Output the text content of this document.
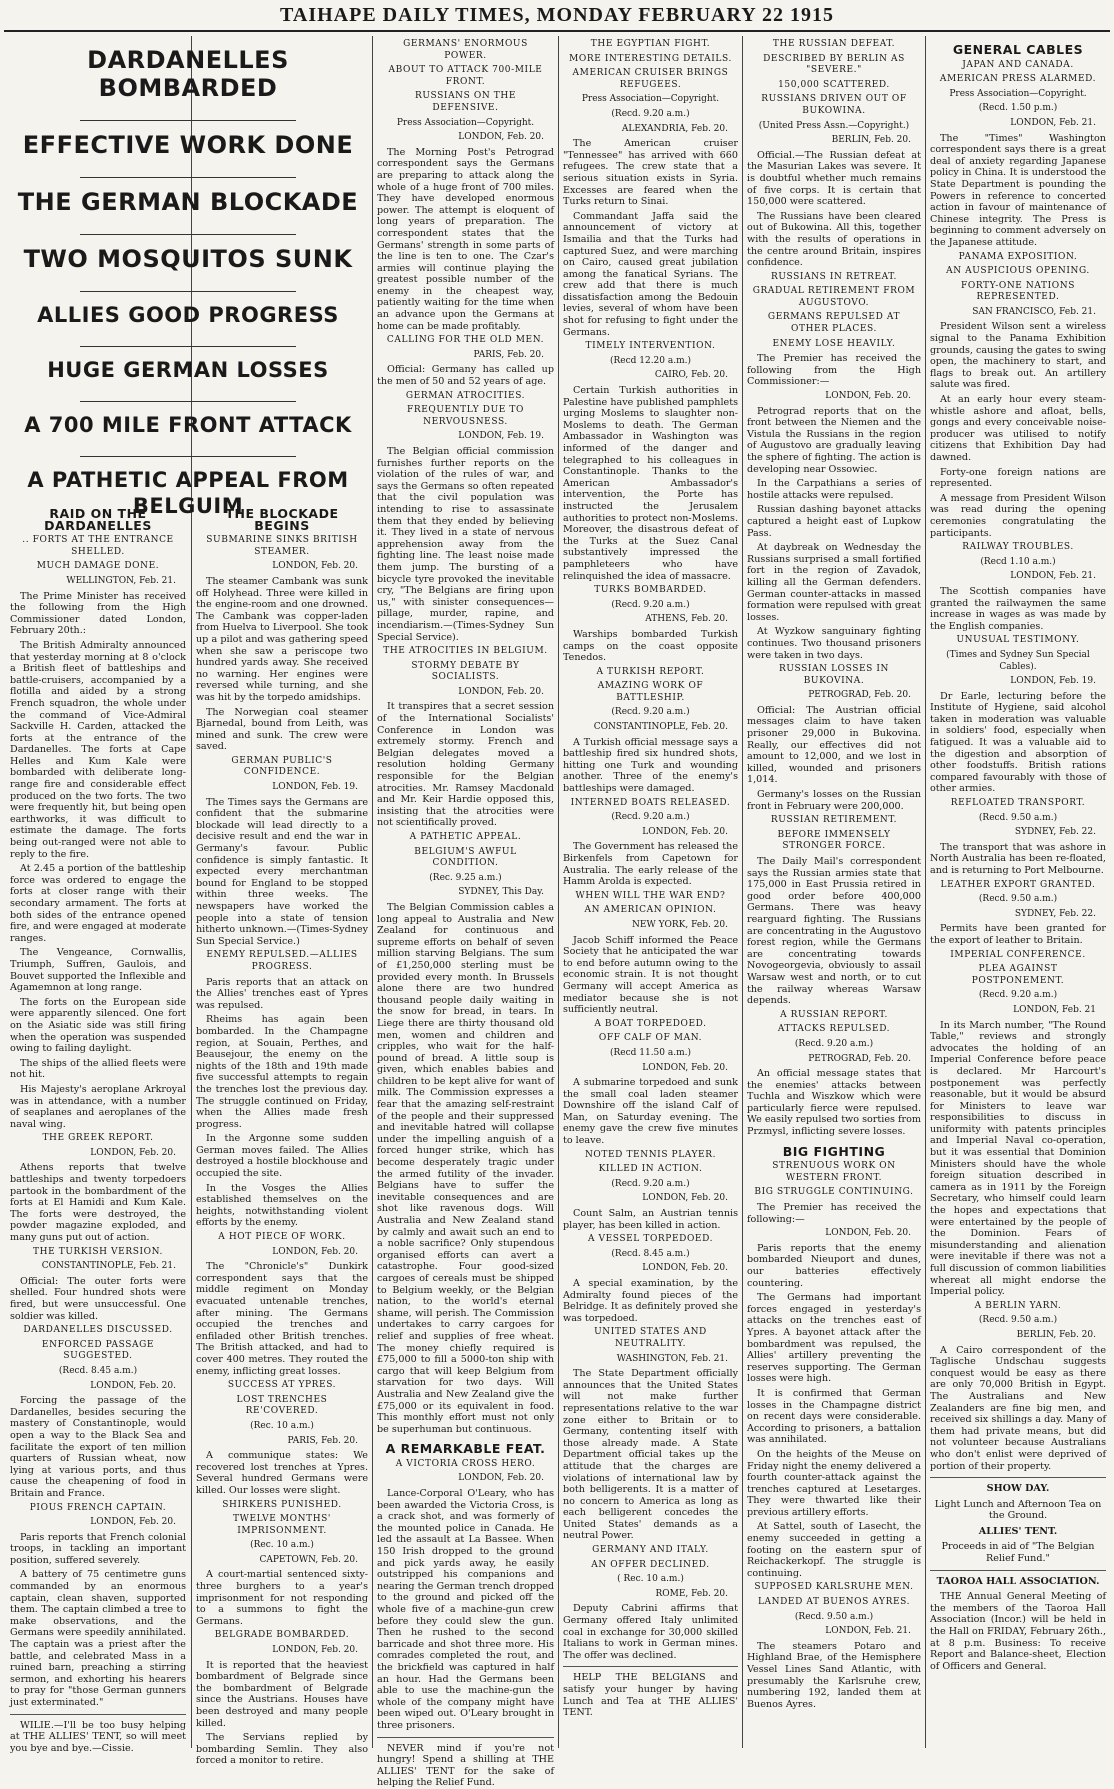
TAIHAPE DAILY TIMES, MONDAY FEBRUARY 22 1915
DARDANELLES BOMBARDED
EFFECTIVE WORK DONE
THE GERMAN BLOCKADE
TWO MOSQUITOS SUNK
ALLIES GOOD PROGRESS
HUGE GERMAN LOSSES
A 700 MILE FRONT ATTACK
A PATHETIC APPEAL FROM BELGUIM
RAID ON THE DARDANELLES
.. FORTS AT THE ENTRANCE SHELLED.
MUCH DAMAGE DONE.
WELLINGTON, Feb. 21.

The Prime Minister has received the following from the High Commissioner dated London, February 20th.:

The British Admiralty announced that yesterday morning at 8 o'clock a British fleet of battleships and battle-cruisers, accompanied by a flotilla and aided by a strong French squadron, the whole under the command of Vice-Admiral Sackville H. Carden, attacked the forts at the entrance of the Dardanelles. The forts at Cape Helles and Kum Kale were bombarded with deliberate long-range fire and considerable effect produced on the two forts. The two were frequently hit, but being open earthworks, it was difficult to estimate the damage. The forts being out-ranged were not able to reply to the fire.

At 2.45 a portion of the battleship force was ordered to engage the forts at closer range with their secondary armament. The forts at both sides of the entrance opened fire, and were engaged at moderate ranges.

The Vengeance, Cornwallis, Triumph, Suffren, Gaulois, and Bouvet supported the Inflexible and Agamemnon at long range.

The forts on the European side were apparently silenced. One fort on the Asiatic side was still firing when the operation was suspended owing to failing daylight.

The ships of the allied fleets were not hit.

His Majesty's aeroplane Arkroyal was in attendance, with a number of seaplanes and aeroplanes of the naval wing.

THE GREEK REPORT.
LONDON, Feb. 20.

Athens reports that twelve battleships and twenty torpedoers partook in the bombardment of the forts at El Hamidi and Kum Kale. The forts were destroyed, the powder magazine exploded, and many guns put out of action.

THE TURKISH VERSION.
CONSTANTINOPLE, Feb. 21.

Official: The outer forts were shelled. Four hundred shots were fired, but were unsuccessful. One soldier was killed.

DARDANELLES DISCUSSED.
ENFORCED PASSAGE SUGGESTED.
(Recd. 8.45 a.m.)
LONDON, Feb. 20.

Forcing the passage of the Dardanelles, besides securing the mastery of Constantinople, would open a way to the Black Sea and facilitate the export of ten million quarters of Russian wheat, now lying at various ports, and thus cause the cheapening of food in Britain and France.

PIOUS FRENCH CAPTAIN.
LONDON, Feb. 20.

Paris reports that French colonial troops, in tackling an important position, suffered severely.

A battery of 75 centimetre guns commanded by an enormous captain, clean shaven, supported them. The captain climbed a tree to make observations, and the Germans were speedily annihilated. The captain was a priest after the battle, and celebrated Mass in a ruined barn, preaching a stirring sermon, and exhorting his hearers to pray for "those German gunners just exterminated."

WILIE.—I'll be too busy helping at THE ALLIES' TENT, so will meet you bye and bye.—Cissie.

THE BLOCKADE BEGINS
SUBMARINE SINKS BRITISH STEAMER.
LONDON, Feb. 20.

The steamer Cambank was sunk off Holyhead. Three were killed in the engine-room and one drowned. The Cambank was copper-laden from Huelva to Liverpool. She took up a pilot and was gathering speed when she saw a periscope two hundred yards away. She received no warning. Her engines were reversed while turning, and she was hit by the torpedo amidships.

The Norwegian coal steamer Bjarnedal, bound from Leith, was mined and sunk. The crew were saved.

GERMAN PUBLIC'S CONFIDENCE.
LONDON, Feb. 19.

The Times says the Germans are confident that the submarine blockade will lead directly to a decisive result and end the war in Germany's favour. Public confidence is simply fantastic. It expected every merchantman bound for England to be stopped within three weeks. The newspapers have worked the people into a state of tension hitherto unknown.—(Times-Sydney Sun Special Service.)

ENEMY REPULSED.—ALLIES PROGRESS.

Paris reports that an attack on the Allies' trenches east of Ypres was repulsed.

Rheims has again been bombarded. In the Champagne region, at Souain, Perthes, and Beausejour, the enemy on the nights of the 18th and 19th made five successful attempts to regain the trenches lost the previous day. The struggle continued on Friday, when the Allies made fresh progress.

In the Argonne some sudden German moves failed. The Allies destroyed a hostile blockhouse and occupied the site.

In the Vosges the Allies established themselves on the heights, notwithstanding violent efforts by the enemy.

A HOT PIECE OF WORK.
LONDON, Feb. 20.

The "Chronicle's" Dunkirk correspondent says that the middle regiment on Monday evacuated untenable trenches, after mining. The Germans occupied the trenches and enfiladed other British trenches. The British attacked, and had to cover 400 metres. They routed the enemy, inflicting great losses.

SUCCESS AT YPRES.
LOST TRENCHES RE'COVERED.
(Rec. 10 a.m.)
PARIS, Feb. 20.

A communique states: We recovered lost trenches at Ypres. Several hundred Germans were killed. Our losses were slight.

SHIRKERS PUNISHED.
TWELVE MONTHS' IMPRISONMENT.
(Rec. 10 a.m.)
CAPETOWN, Feb. 20.

A court-martial sentenced sixty-three burghers to a year's imprisonment for not responding to a summons to fight the Germans.

BELGRADE BOMBARDED.
LONDON, Feb. 20.

It is reported that the heaviest bombardment of Belgrade since the bombardment of Belgrade since the Austrians. Houses have been destroyed and many people killed.

The Servians replied by bombarding Semlin. They also forced a monitor to retire.

GERMANS' ENORMOUS POWER.
ABOUT TO ATTACK 700-MILE FRONT.
RUSSIANS ON THE DEFENSIVE.
Press Association—Copyright.
LONDON, Feb. 20.

The Morning Post's Petrograd correspondent says the Germans are preparing to attack along the whole of a huge front of 700 miles. They have developed enormous power. The attempt is eloquent of long years of preparation. The correspondent states that the Germans' strength in some parts of the line is ten to one. The Czar's armies will continue playing the greatest possible number of the enemy in the cheapest way, patiently waiting for the time when an advance upon the Germans at home can be made profitably.

CALLING FOR THE OLD MEN.
PARIS, Feb. 20.

Official: Germany has called up the men of 50 and 52 years of age.

GERMAN ATROCITIES.
FREQUENTLY DUE TO NERVOUSNESS.
LONDON, Feb. 19.

The Belgian official commission furnishes further reports on the violation of the rules of war, and says the Germans so often repeated that the civil population was intending to rise to assassinate them that they ended by believing it. They lived in a state of nervous apprehension away from the fighting line. The least noise made them jump. The bursting of a bicycle tyre provoked the inevitable cry, "The Belgians are firing upon us," with sinister consequences—pillage, murder, rapine, and incendiarism.—(Times-Sydney Sun Special Service).

THE ATROCITIES IN BELGIUM.
STORMY DEBATE BY SOCIALISTS.
LONDON, Feb. 20.

It transpires that a secret session of the International Socialists' Conference in London was extremely stormy. French and Belgian delegates moved a resolution holding Germany responsible for the Belgian atrocities. Mr. Ramsey Macdonald and Mr. Keir Hardie opposed this, insisting that the atrocities were not scientifically proved.

A PATHETIC APPEAL.
BELGIUM'S AWFUL CONDITION.
(Rec. 9.25 a.m.)
SYDNEY, This Day.

The Belgian Commission cables a long appeal to Australia and New Zealand for continuous and supreme efforts on behalf of seven million starving Belgians. The sum of £1,250,000 sterling must be provided every month. In Brussels alone there are two hundred thousand people daily waiting in the snow for bread, in tears. In Liege there are thirty thousand old men, women and children and cripples, who wait for the half-pound of bread. A little soup is given, which enables babies and children to be kept alive for want of milk. The Commission expresses a fear that the amazing self-restraint of the people and their suppressed and inevitable hatred will collapse under the impelling anguish of a forced hunger strike, which has become desperately tragic under the armed futility of the invader. Belgians have to suffer the inevitable consequences and are shot like ravenous dogs. Will Australia and New Zealand stand by calmly and await such an end to a noble sacrifice? Only stupendous organised efforts can avert a catastrophe. Four good-sized cargoes of cereals must be shipped to Belgium weekly, or the Belgian nation, to the world's eternal shame, will perish. The Commission undertakes to carry cargoes for relief and supplies of free wheat. The money chiefly required is £75,000 to fill a 5000-ton ship with cargo that will keep Belgium from starvation for two days. Will Australia and New Zealand give the £75,000 or its equivalent in food. This monthly effort must not only be superhuman but continuous.

A REMARKABLE FEAT.
A VICTORIA CROSS HERO.
LONDON, Feb. 20.

Lance-Corporal O'Leary, who has been awarded the Victoria Cross, is a crack shot, and was formerly of the mounted police in Canada. He led the assault at La Bassee. When 150 Irish dropped to the ground and pick yards away, he easily outstripped his companions and nearing the German trench dropped to the ground and picked off the whole five of a machine-gun crew before they could slew the gun. Then he rushed to the second barricade and shot three more. His comrades completed the rout, and the brickfield was captured in half an hour. Had the Germans been able to use the machine-gun the whole of the company might have been wiped out. O'Leary brought in three prisoners.

NEVER mind if you're not hungry! Spend a shilling at THE ALLIES' TENT for the sake of helping the Relief Fund.

THE EGYPTIAN FIGHT.
MORE INTERESTING DETAILS.
AMERICAN CRUISER BRINGS REFUGEES.
Press Association—Copyright.
(Recd. 9.20 a.m.)
ALEXANDRIA, Feb. 20.

The American cruiser "Tennessee" has arrived with 660 refugees. The crew state that a serious situation exists in Syria. Excesses are feared when the Turks return to Sinai.

Commandant Jaffa said the announcement of victory at Ismailia and that the Turks had captured Suez, and were marching on Cairo, caused great jubilation among the fanatical Syrians. The crew add that there is much dissatisfaction among the Bedouin levies, several of whom have been shot for refusing to fight under the Germans.

TIMELY INTERVENTION.
(Recd 12.20 a.m.)
CAIRO, Feb. 20.

Certain Turkish authorities in Palestine have published pamphlets urging Moslems to slaughter non-Moslems to death. The German Ambassador in Washington was informed of the danger and telegraphed to his colleagues in Constantinople. Thanks to the American Ambassador's intervention, the Porte has instructed the Jerusalem authorities to protect non-Moslems. Moreover, the disastrous defeat of the Turks at the Suez Canal substantively impressed the pamphleteers who have relinquished the idea of massacre.

TURKS BOMBARDED.
(Recd. 9.20 a.m.)
ATHENS, Feb. 20.

Warships bombarded Turkish camps on the coast opposite Tenedos.

A TURKISH REPORT.
AMAZING WORK OF BATTLESHIP.
(Recd. 9.20 a.m.)
CONSTANTINOPLE, Feb. 20.

A Turkish official message says a battleship fired six hundred shots, hitting one Turk and wounding another. Three of the enemy's battleships were damaged.

INTERNED BOATS RELEASED.
(Recd. 9.20 a.m.)
LONDON, Feb. 20.

The Government has released the Birkenfels from Capetown for Australia. The early release of the Hamm Arolda is expected.

WHEN WILL THE WAR END?
AN AMERICAN OPINION.
NEW YORK, Feb. 20.

Jacob Schiff informed the Peace Society that he anticipated the war to end before autumn owing to the economic strain. It is not thought Germany will accept America as mediator because she is not sufficiently neutral.

A BOAT TORPEDOED.
OFF CALF OF MAN.
(Recd 11.50 a.m.)
LONDON, Feb. 20.

A submarine torpedoed and sunk the small coal laden steamer Downshire off the island Calf of Man, on Saturday evening. The enemy gave the crew five minutes to leave.

NOTED TENNIS PLAYER.
KILLED IN ACTION.
(Recd. 9.20 a.m.)
LONDON, Feb. 20.

Count Salm, an Austrian tennis player, has been killed in action.

A VESSEL TORPEDOED.
(Recd. 8.45 a.m.)
LONDON, Feb. 20.

A special examination, by the Admiralty found pieces of the Belridge. It as definitely proved she was torpedoed.

UNITED STATES AND NEUTRALITY.
WASHINGTON, Feb. 21.

The State Department officially announces that the United States will not make further representations relative to the war zone either to Britain or to Germany, contenting itself with those already made. A State Department official takes up the attitude that the charges are violations of international law by both belligerents. It is a matter of no concern to America as long as each belligerent concedes the United States' demands as a neutral Power.

GERMANY AND ITALY.
AN OFFER DECLINED.
( Rec. 10 a.m.)
ROME, Feb. 20.

Deputy Cabrini affirms that Germany offered Italy unlimited coal in exchange for 30,000 skilled Italians to work in German mines. The offer was declined.

HELP THE BELGIANS and satisfy your hunger by having Lunch and Tea at THE ALLIES' TENT.

THE RUSSIAN DEFEAT.
DESCRIBED BY BERLIN AS "SEVERE."
150,000 SCATTERED.
RUSSIANS DRIVEN OUT OF BUKOWINA.
(United Press Assn.—Copyright.)
BERLIN, Feb. 20.

Official.—The Russian defeat at the Masurian Lakes was severe. It is doubtful whether much remains of five corps. It is certain that 150,000 were scattered.

The Russians have been cleared out of Bukowina. All this, together with the results of operations in the centre around Britain, inspires confidence.

RUSSIANS IN RETREAT.
GRADUAL RETIREMENT FROM AUGUSTOVO.
GERMANS REPULSED AT OTHER PLACES.
ENEMY LOSE HEAVILY.

The Premier has received the following from the High Commissioner:—

LONDON, Feb. 20.

Petrograd reports that on the front between the Niemen and the Vistula the Russians in the region of Augustovo are gradually leaving the sphere of fighting. The action is developing near Ossowiec.

In the Carpathians a series of hostile attacks were repulsed.

Russian dashing bayonet attacks captured a height east of Lupkow Pass.

At daybreak on Wednesday the Russians surprised a small fortified fort in the region of Zavadok, killing all the German defenders. German counter-attacks in massed formation were repulsed with great losses.

At Wyzkow sanguinary fighting continues. Two thousand prisoners were taken in two days.

RUSSIAN LOSSES IN BUKOVINA.
PETROGRAD, Feb. 20.

Official: The Austrian official messages claim to have taken prisoner 29,000 in Bukovina. Really, our effectives did not amount to 12,000, and we lost in killed, wounded and prisoners 1,014.

Germany's losses on the Russian front in February were 200,000.

RUSSIAN RETIREMENT.
BEFORE IMMENSELY STRONGER FORCE.

The Daily Mail's correspondent says the Russian armies state that 175,000 in East Prussia retired in good order before 400,000 Germans. There was heavy rearguard fighting. The Russians are concentrating in the Augustovo forest region, while the Germans are concentrating towards Novogeorgevia, obviously to assail Warsaw west and north, or to cut the railway whereas Warsaw depends.

A RUSSIAN REPORT.
ATTACKS REPULSED.
(Recd. 9.20 a.m.)
PETROGRAD, Feb. 20.

An official message states that the enemies' attacks between Tuchla and Wiszkow which were particularly fierce were repulsed. We easily repulsed two sorties from Przmysl, inflicting severe losses.

BIG FIGHTING
STRENUOUS WORK ON WESTERN FRONT.
BIG STRUGGLE CONTINUING.

The Premier has received the following:—

LONDON, Feb. 20.

Paris reports that the enemy bombarded Nieuport and dunes, our batteries effectively countering.

The Germans had important forces engaged in yesterday's attacks on the trenches east of Ypres. A bayonet attack after the bombardment was repulsed, the Allies' artillery preventing the reserves supporting. The German losses were high.

It is confirmed that German losses in the Champagne district on recent days were considerable. According to prisoners, a battalion was annihilated.

On the heights of the Meuse on Friday night the enemy delivered a fourth counter-attack against the trenches captured at Lesetarges. They were thwarted like their previous artillery efforts.

At Sattel, south of Lasecht, the enemy succeeded in getting a footing on the eastern spur of Reichackerkopf. The struggle is continuing.

SUPPOSED KARLSRUHE MEN.
LANDED AT BUENOS AYRES.
(Recd. 9.50 a.m.)
LONDON, Feb. 21.

The steamers Potaro and Highland Brae, of the Hemisphere Vessel Lines Sand Atlantic, with presumably the Karlsruhe crew, numbering 192, landed them at Buenos Ayres.

GENERAL CABLES
JAPAN AND CANADA.
AMERICAN PRESS ALARMED.
Press Association—Copyright.
(Recd. 1.50 p.m.)
LONDON, Feb. 21.

The "Times" Washington correspondent says there is a great deal of anxiety regarding Japanese policy in China. It is understood the State Department is pounding the Powers in reference to concerted action in favour of maintenance of Chinese integrity. The Press is beginning to comment adversely on the Japanese attitude.

PANAMA EXPOSITION.
AN AUSPICIOUS OPENING.
FORTY-ONE NATIONS REPRESENTED.
SAN FRANCISCO, Feb. 21.

President Wilson sent a wireless signal to the Panama Exhibition grounds, causing the gates to swing open, the machinery to start, and flags to break out. An artillery salute was fired.

At an early hour every steam-whistle ashore and afloat, bells, gongs and every conceivable noise-producer was utilised to notify citizens that Exhibition Day had dawned.

Forty-one foreign nations are represented.

A message from President Wilson was read during the opening ceremonies congratulating the participants.

RAILWAY TROUBLES.
(Recd 1.10 a.m.)
LONDON, Feb. 21.

The Scottish companies have granted the railwaymen the same increase in wages as was made by the English companies.

UNUSUAL TESTIMONY.
(Times and Sydney Sun Special Cables).
LONDON, Feb. 19.

Dr Earle, lecturing before the Institute of Hygiene, said alcohol taken in moderation was valuable in soldiers' food, especially when fatigued. It was a valuable aid to the digestion and absorption of other foodstuffs. British rations compared favourably with those of other armies.

REFLOATED TRANSPORT.
(Recd. 9.50 a.m.)
SYDNEY, Feb. 22.

The transport that was ashore in North Australia has been re-floated, and is returning to Port Melbourne.

LEATHER EXPORT GRANTED.
(Recd. 9.50 a.m.)
SYDNEY, Feb. 22.

Permits have been granted for the export of leather to Britain.

IMPERIAL CONFERENCE.
PLEA AGAINST POSTPONEMENT.
(Recd. 9.20 a.m.)
LONDON, Feb. 21

In its March number, "The Round Table," reviews and strongly advocates the holding of an Imperial Conference before peace is declared. Mr Harcourt's postponement was perfectly reasonable, but it would be absurd for Ministers to leave war responsibilities to discuss in uniformity with patents principles and Imperial Naval co-operation, but it was essential that Dominion Ministers should have the whole foreign situation described in camera as in 1911 by the Foreign Secretary, who himself could learn the hopes and expectations that were entertained by the people of the Dominion. Fears of misunderstanding and alienation were inevitable if there was not a full discussion of common liabilities whereat all might endorse the Imperial policy.

A BERLIN YARN.
(Recd. 9.50 a.m.)
BERLIN, Feb. 20.

A Cairo correspondent of the Taglische Undschau suggests conquest would be easy as there are only 70,000 British in Egypt. The Australians and New Zealanders are fine big men, and received six shillings a day. Many of them had private means, but did not volunteer because Australians who don't enlist were deprived of portion of their property.

SHOW DAY.
Light Lunch and Afternoon Tea on the Ground.
ALLIES' TENT.
Proceeds in aid of "The Belgian Relief Fund."
TAOROA HALL ASSOCIATION.

THE Annual General Meeting of the members of the Taoroa Hall Association (Incor.) will be held in the Hall on FRIDAY, February 26th., at 8 p.m. Business: To receive Report and Balance-sheet, Election of Officers and General.
